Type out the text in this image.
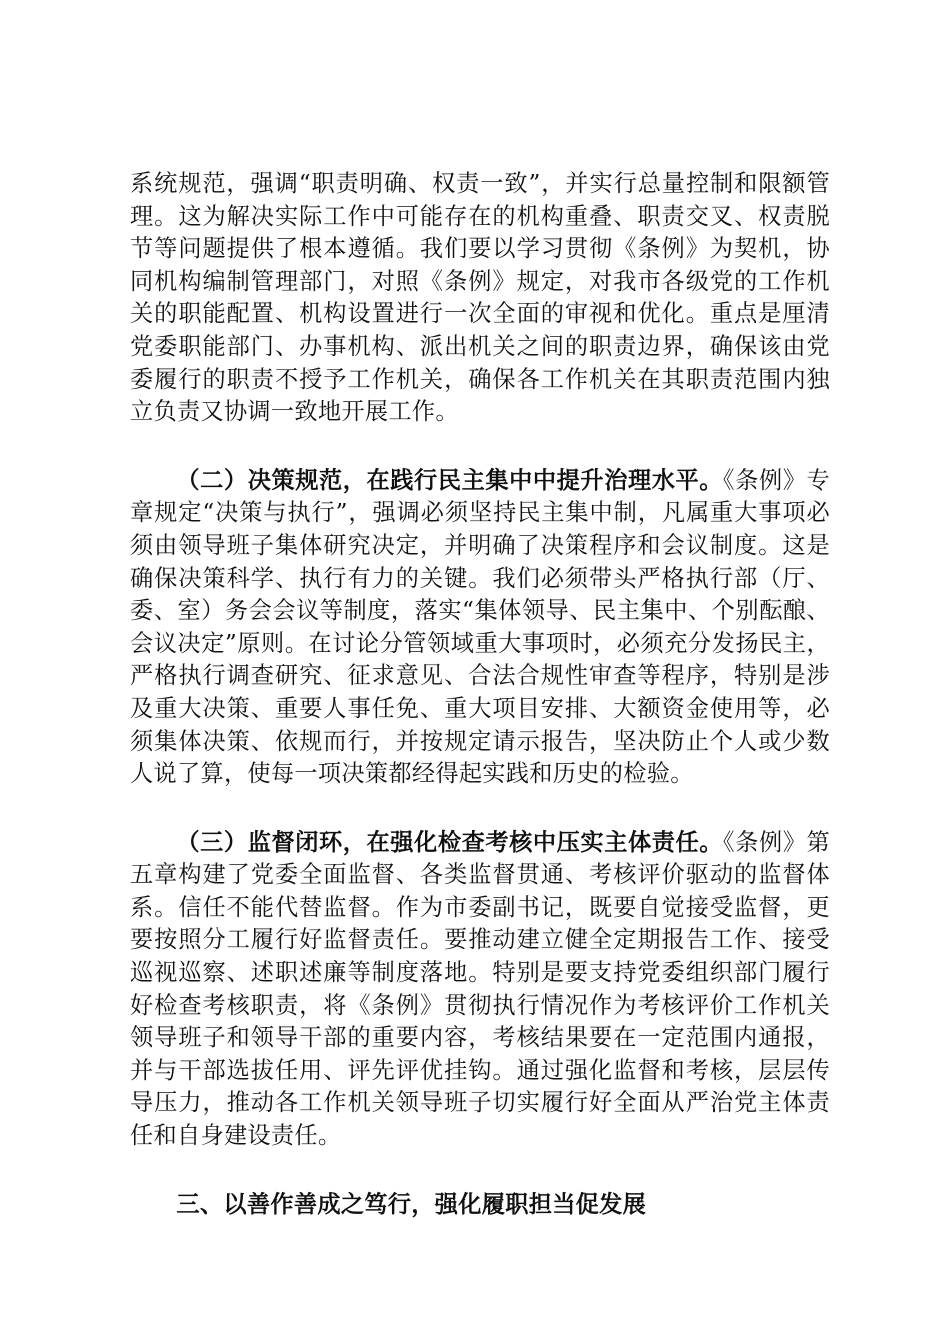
系统规范，强调“职责明确、权责一致”，并实行总量控制和限额管理。这为解决实际工作中可能存在的机构重叠、职责交叉、权责脱节等问题提供了根本遵循。我们要以学习贯彻《条例》为契机，协同机构编制管理部门，对照《条例》规定，对我市各级党的工作机关的职能配置、机构设置进行一次全面的审视和优化。重点是厘清党委职能部门、办事机构、派出机关之间的职责边界，确保该由党委履行的职责不授予工作机关，确保各工作机关在其职责范围内独立负责又协调一致地开展工作。

（二）决策规范，在践行民主集中中提升治理水平。《条例》专章规定“决策与执行”，强调必须坚持民主集中制，凡属重大事项必须由领导班子集体研究决定，并明确了决策程序和会议制度。这是确保决策科学、执行有力的关键。我们必须带头严格执行部（厅、委、室）务会会议等制度，落实“集体领导、民主集中、个别酝酿、会议决定”原则。在讨论分管领域重大事项时，必须充分发扬民主，严格执行调查研究、征求意见、合法合规性审查等程序，特别是涉及重大决策、重要人事任免、重大项目安排、大额资金使用等，必须集体决策、依规而行，并按规定请示报告，坚决防止个人或少数人说了算，使每一项决策都经得起实践和历史的检验。

（三）监督闭环，在强化检查考核中压实主体责任。《条例》第五章构建了党委全面监督、各类监督贯通、考核评价驱动的监督体系。信任不能代替监督。作为市委副书记，既要自觉接受监督，更要按照分工履行好监督责任。要推动建立健全定期报告工作、接受巡视巡察、述职述廉等制度落地。特别是要支持党委组织部门履行好检查考核职责，将《条例》贯彻执行情况作为考核评价工作机关领导班子和领导干部的重要内容，考核结果要在一定范围内通报，并与干部选拔任用、评先评优挂钩。通过强化监督和考核，层层传导压力，推动各工作机关领导班子切实履行好全面从严治党主体责任和自身建设责任。

三、以善作善成之笃行，强化履职担当促发展
